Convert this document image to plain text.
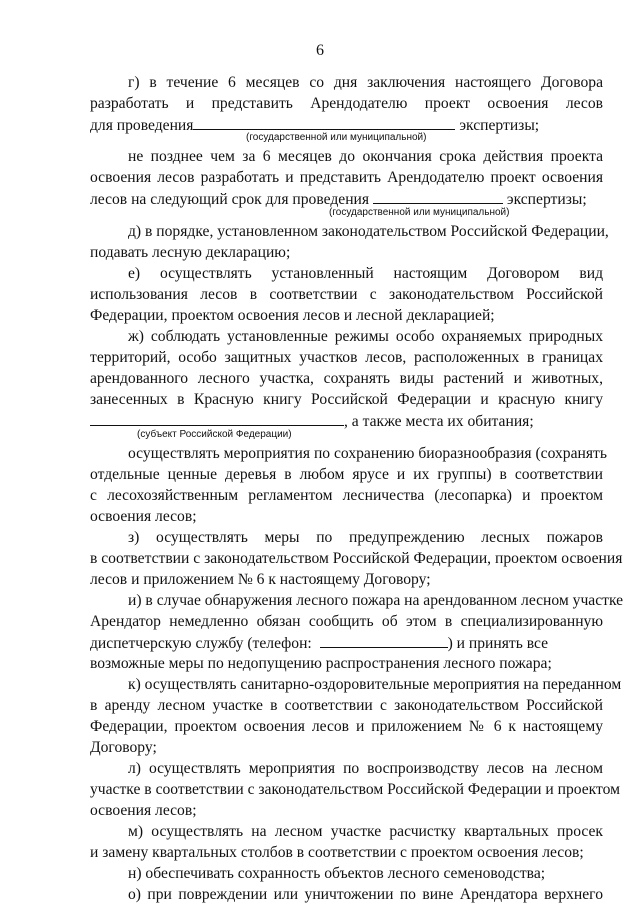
6
г) в течение 6 месяцев со дня заключения настоящего Договора
разработать и представить Арендодателю проект освоения лесов
для проведения	экспертизы;
(государственной или муниципальной)
не позднее чем за 6 месяцев до окончания срока действия проекта
освоения лесов разработать и представить Арендодателю проект освоения
лесов на следующий срок для проведения	экспертизы;
(государственной или муниципальной)
д) в порядке, установленном законодательством Российской Федерации,
подавать лесную декларацию;
е) осуществлять установленный настоящим Договором вид
использования лесов в соответствии с законодательством Российской
Федерации, проектом освоения лесов и лесной декларацией;
ж) соблюдать установленные режимы особо охраняемых природных
территорий, особо защитных участков лесов, расположенных в границах
арендованного лесного участка, сохранять виды растений и животных,
занесенных в Красную книгу Российской Федерации и красную книгу
, а также места их обитания;
(субъект Российской Федерации)
осуществлять мероприятия по сохранению биоразнообразия (сохранять
отдельные ценные деревья в любом ярусе и их группы) в соответствии
с лесохозяйственным регламентом лесничества (лесопарка) и проектом
освоения лесов;
з) осуществлять меры по предупреждению лесных пожаров
в соответствии с законодательством Российской Федерации, проектом освоения
лесов и приложением № 6 к настоящему Договору;
и) в случае обнаружения лесного пожара на арендованном лесном участке
Арендатор немедленно обязан сообщить об этом в специализированную
диспетчерскую службу (телефон:	) и принять все
возможные меры по недопущению распространения лесного пожара;
к) осуществлять санитарно-оздоровительные мероприятия на переданном
в аренду лесном участке в соответствии с законодательством Российской
Федерации, проектом освоения лесов и приложением № 6 к настоящему
Договору;
л) осуществлять мероприятия по воспроизводству лесов на лесном
участке в соответствии с законодательством Российской Федерации и проектом
освоения лесов;
м) осуществлять на лесном участке расчистку квартальных просек
и замену квартальных столбов в соответствии с проектом освоения лесов;
н) обеспечивать сохранность объектов лесного семеноводства;
о) при повреждении или уничтожении по вине Арендатора верхнего
